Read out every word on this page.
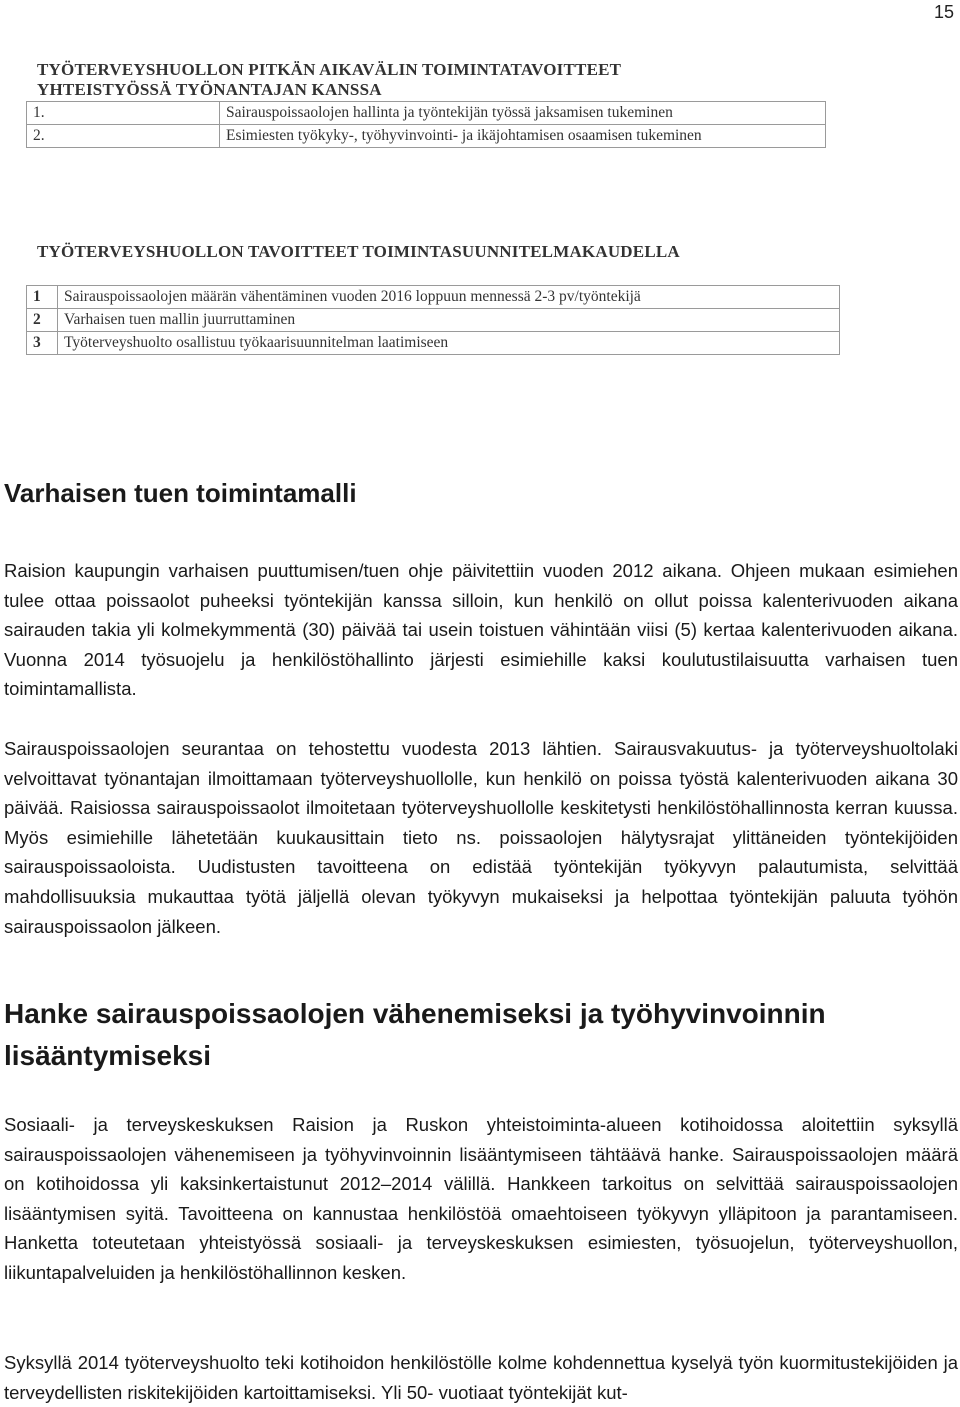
15
TYÖTERVEYSHUOLLON PITKÄN AIKAVÄLIN TOIMINTATAVOITTEET
YHTEISTYÖSSÄ TYÖNANTAJAN KANSSA
1.	Sairauspoissaolojen hallinta ja työntekijän työssä jaksamisen tukeminen
2.	Esimiesten työkyky-, työhyvinvointi- ja ikäjohtamisen osaamisen tukeminen
TYÖTERVEYSHUOLLON TAVOITTEET TOIMINTASUUNNITELMAKAUDELLA
1	Sairauspoissaolojen määrän vähentäminen vuoden 2016 loppuun mennessä 2-3 pv/työntekijä
2	Varhaisen tuen mallin juurruttaminen
3	Työterveyshuolto osallistuu työkaarisuunnitelman laatimiseen
Varhaisen tuen toimintamalli

Raision kaupungin varhaisen puuttumisen/tuen ohje päivitettiin vuoden 2012 aikana. Ohjeen mukaan esimiehen tulee ottaa poissaolot puheeksi työntekijän kanssa silloin, kun henkilö on ollut poissa kalenterivuoden aikana sairauden takia yli kolmekymmentä (30) päivää tai usein toistuen vähintään viisi (5) kertaa kalenterivuoden aikana. Vuonna 2014 työsuojelu ja henkilöstöhallinto järjesti esimiehille kaksi koulutustilaisuutta varhaisen tuen toimintamallista.

Sairauspoissaolojen seurantaa on tehostettu vuodesta 2013 lähtien. Sairausvakuutus- ja työterveyshuoltolaki velvoittavat työnantajan ilmoittamaan työterveyshuollolle, kun henkilö on poissa työstä kalenterivuoden aikana 30 päivää. Raisiossa sairauspoissaolot ilmoitetaan työterveyshuollolle keskitetysti henkilöstöhallinnosta kerran kuussa. Myös esimiehille lähetetään kuukausittain tieto ns. poissaolojen hälytysrajat ylittäneiden työntekijöiden sairauspoissaoloista. Uudistusten tavoitteena on edistää työntekijän työkyvyn palautumista, selvittää mahdollisuuksia mukauttaa työtä jäljellä olevan työkyvyn mukaiseksi ja helpottaa työntekijän paluuta työhön sairauspoissaolon jälkeen.

Hanke sairauspoissaolojen vähenemiseksi ja työhyvinvoinnin lisääntymiseksi

Sosiaali- ja terveyskeskuksen Raision ja Ruskon yhteistoiminta-alueen kotihoidossa aloitettiin syksyllä sairauspoissaolojen vähenemiseen ja työhyvinvoinnin lisääntymiseen tähtäävä hanke. Sairauspoissaolojen määrä on kotihoidossa yli kaksinkertaistunut 2012–2014 välillä. Hankkeen tarkoitus on selvittää sairauspoissaolojen lisääntymisen syitä. Tavoitteena on kannustaa henkilöstöä omaehtoiseen työkyvyn ylläpitoon ja parantamiseen. Hanketta toteutetaan yhteistyössä sosiaali- ja terveyskeskuksen esimiesten, työsuojelun, työterveyshuollon, liikuntapalveluiden ja henkilöstöhallinnon kesken.

Syksyllä 2014 työterveyshuolto teki kotihoidon henkilöstölle kolme kohdennettua kyselyä työn kuormitustekijöiden ja terveydellisten riskitekijöiden kartoittamiseksi. Yli 50- vuotiaat työntekijät kut-
